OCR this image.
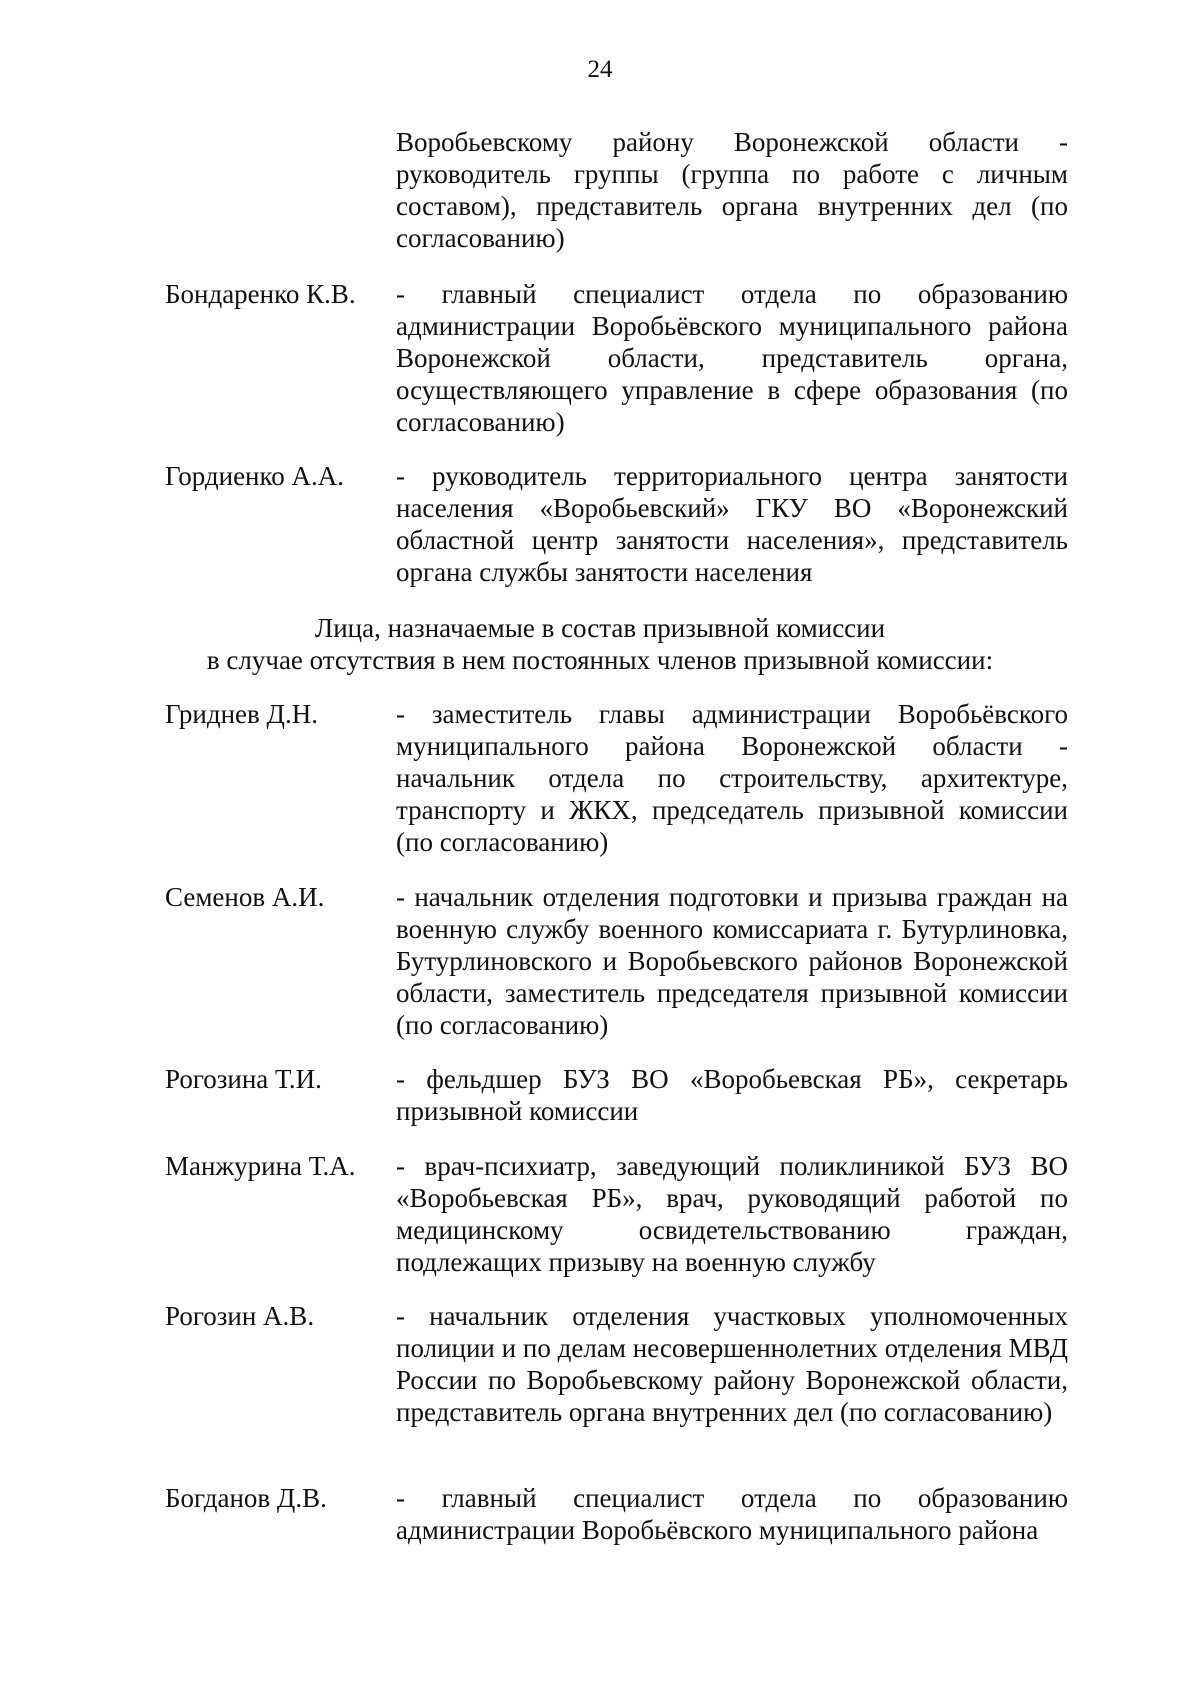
24

Воробьевскому району Воронежской области - руководитель группы (группа по работе с личным составом), представитель органа внутренних дел (по согласованию)

Бондаренко К.В. - главный специалист отдела по образованию администрации Воробьёвского муниципального района Воронежской области, представитель органа, осуществляющего управление в сфере образования (по согласованию)

Гордиенко А.А. - руководитель территориального центра занятости населения «Воробьевский» ГКУ ВО «Воронежский областной центр занятости населения», представитель органа службы занятости населения

Лица, назначаемые в состав призывной комиссии
в случае отсутствия в нем постоянных членов призывной комиссии:
Гриднев Д.Н.	- заместитель главы администрации Воробьёвского муниципального района Воронежской области - начальник отдела по строительству, архитектуре, транспорту и ЖКХ, председатель призывной комиссии (по согласованию)

Семенов А.И.	- начальник отделения подготовки и призыва граждан на военную службу военного комиссариата г. Бутурлиновка, Бутурлиновского и Воробьевского районов Воронежской области, заместитель председателя призывной комиссии (по согласованию)

Рогозина Т.И.	- фельдшер БУЗ ВО «Воробьевская РБ», секретарь призывной комиссии

Манжурина Т.А. - врач-психиатр, заведующий поликлиникой БУЗ ВО «Воробьевская РБ», врач, руководящий работой по медицинскому освидетельствованию граждан, подлежащих призыву на военную службу

Рогозин А.В.	- начальник отделения участковых уполномоченных полиции и по делам несовершеннолетних отделения МВД России по Воробьевскому району Воронежской области, представитель органа внутренних дел (по согласованию)

Богданов Д.В.	- главный специалист отдела по образованию администрации Воробьёвского муниципального района
